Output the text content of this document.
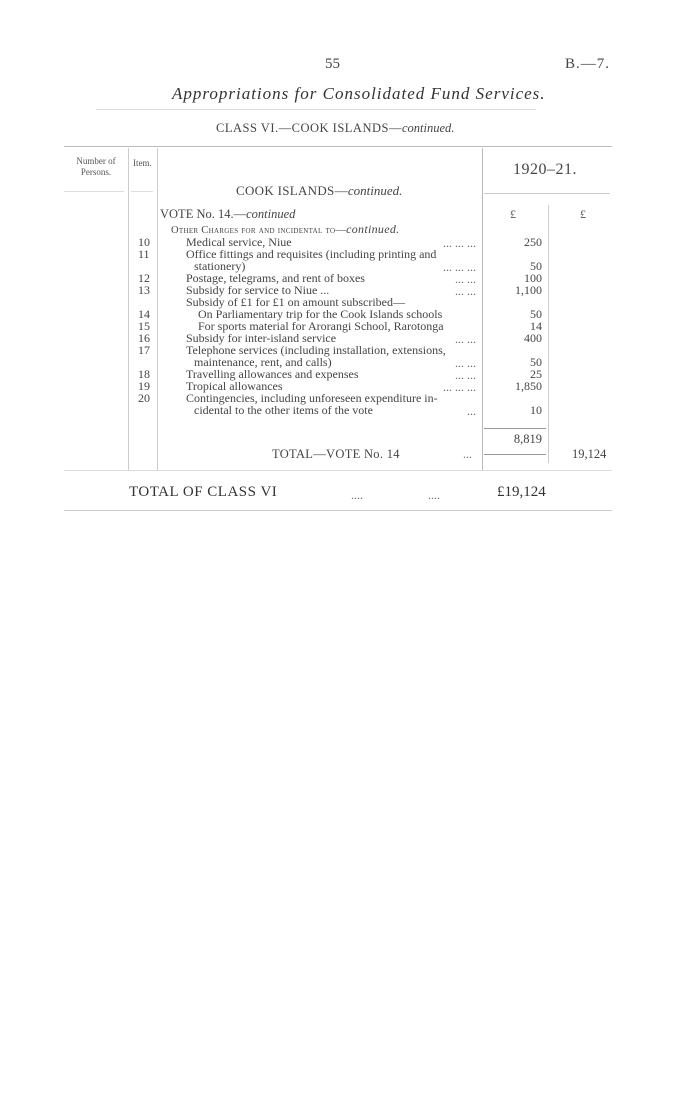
55	B.—7.
Appropriations for Consolidated Fund Services.
CLASS VI.—COOK ISLANDS—continued.
Number of Persons.
Item.	1920–21.
COOK ISLANDS—continued.
VOTE No. 14.—continued
Other Charges for and incidental to—continued.
£	£
10	Medical service, Niue	... ... ...	250
11	Office fittings and requisites (including printing and
stationery)	... ... ...	50
12	Postage, telegrams, and rent of boxes	... ...	100
13	Subsidy for service to Niue ...	... ...	1,100
Subsidy of £1 for £1 on amount subscribed—
14	On Parliamentary trip for the Cook Islands schools	50
15	For sports material for Arorangi School, Rarotonga	14
16	Subsidy for inter-island service	... ...	400
17	Telephone services (including installation, extensions,
maintenance, rent, and calls)	... ...	50
18	Travelling allowances and expenses	... ...	25
19	Tropical allowances	... ... ...	1,850
20	Contingencies, including unforeseen expenditure in-
cidental to the other items of the vote	...	10
8,819
TOTAL—VOTE No. 14	...	19,124
TOTAL OF CLASS VI	....	....	£19,124
